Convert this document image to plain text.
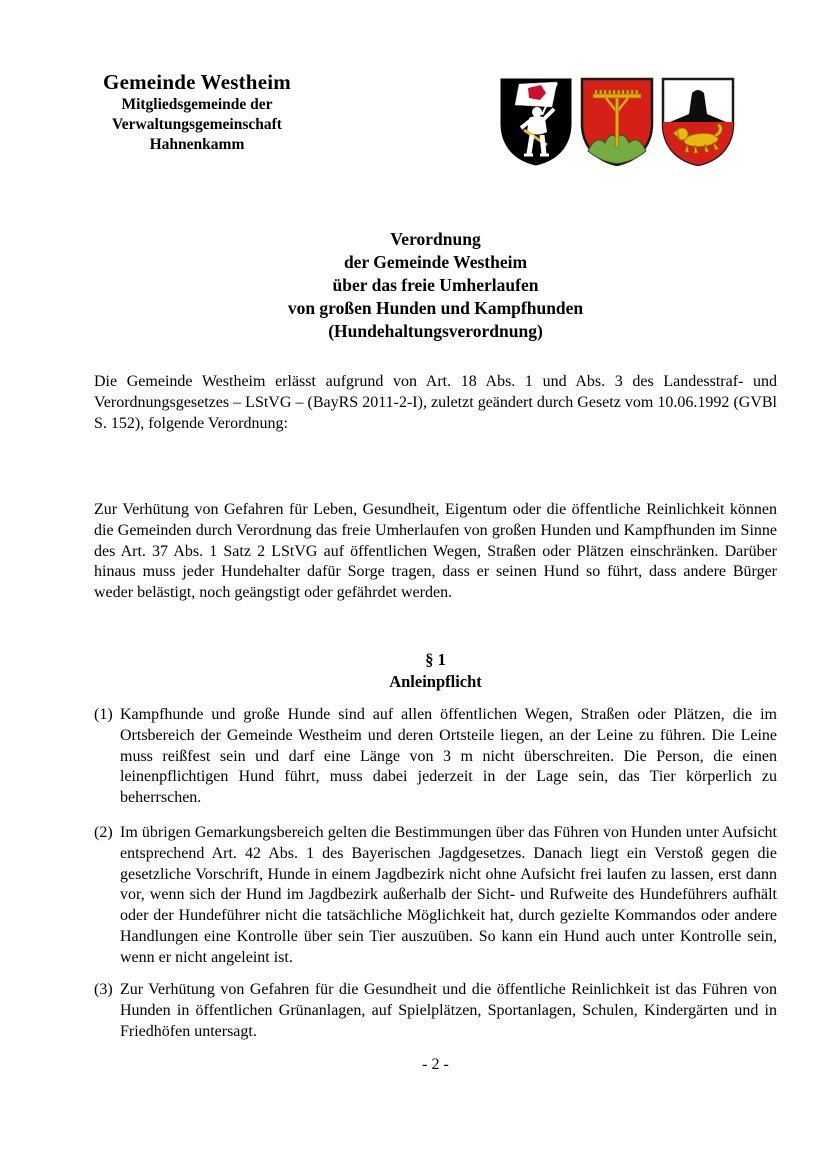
Gemeinde Westheim
Mitgliedsgemeinde der
Verwaltungsgemeinschaft
Hahnenkamm
Verordnung
der Gemeinde Westheim
über das freie Umherlaufen
von großen Hunden und Kampfhunden
(Hundehaltungsverordnung)

Die Gemeinde Westheim erlässt aufgrund von Art. 18 Abs. 1 und Abs. 3 des Landesstraf- und Verordnungsgesetzes – LStVG – (BayRS 2011-2-I), zuletzt geändert durch Gesetz vom 10.06.1992 (GVBl S. 152), folgende Verordnung:

Zur Verhütung von Gefahren für Leben, Gesundheit, Eigentum oder die öffentliche Reinlichkeit können die Gemeinden durch Verordnung das freie Umherlaufen von großen Hunden und Kampfhunden im Sinne des Art. 37 Abs. 1 Satz 2 LStVG auf öffentlichen Wegen, Straßen oder Plätzen einschränken. Darüber hinaus muss jeder Hundehalter dafür Sorge tragen, dass er seinen Hund so führt, dass andere Bürger weder belästigt, noch geängstigt oder gefährdet werden.

§ 1
Anleinpflicht
(1) Kampfhunde und große Hunde sind auf allen öffentlichen Wegen, Straßen oder Plätzen, die im Ortsbereich der Gemeinde Westheim und deren Ortsteile liegen, an der Leine zu führen. Die Leine muss reißfest sein und darf eine Länge von 3 m nicht überschreiten. Die Person, die einen leinenpflichtigen Hund führt, muss dabei jederzeit in der Lage sein, das Tier körperlich zu beherrschen.
(2) Im übrigen Gemarkungsbereich gelten die Bestimmungen über das Führen von Hunden unter Aufsicht entsprechend Art. 42 Abs. 1 des Bayerischen Jagdgesetzes. Danach liegt ein Verstoß gegen die gesetzliche Vorschrift, Hunde in einem Jagdbezirk nicht ohne Aufsicht frei laufen zu lassen, erst dann vor, wenn sich der Hund im Jagdbezirk außerhalb der Sicht- und Rufweite des Hundeführers aufhält oder der Hundeführer nicht die tatsächliche Möglichkeit hat, durch gezielte Kommandos oder andere Handlungen eine Kontrolle über sein Tier auszuüben. So kann ein Hund auch unter Kontrolle sein, wenn er nicht angeleint ist.
(3) Zur Verhütung von Gefahren für die Gesundheit und die öffentliche Reinlichkeit ist das Führen von Hunden in öffentlichen Grünanlagen, auf Spielplätzen, Sportanlagen, Schulen, Kindergärten und in Friedhöfen untersagt.
- 2 -
